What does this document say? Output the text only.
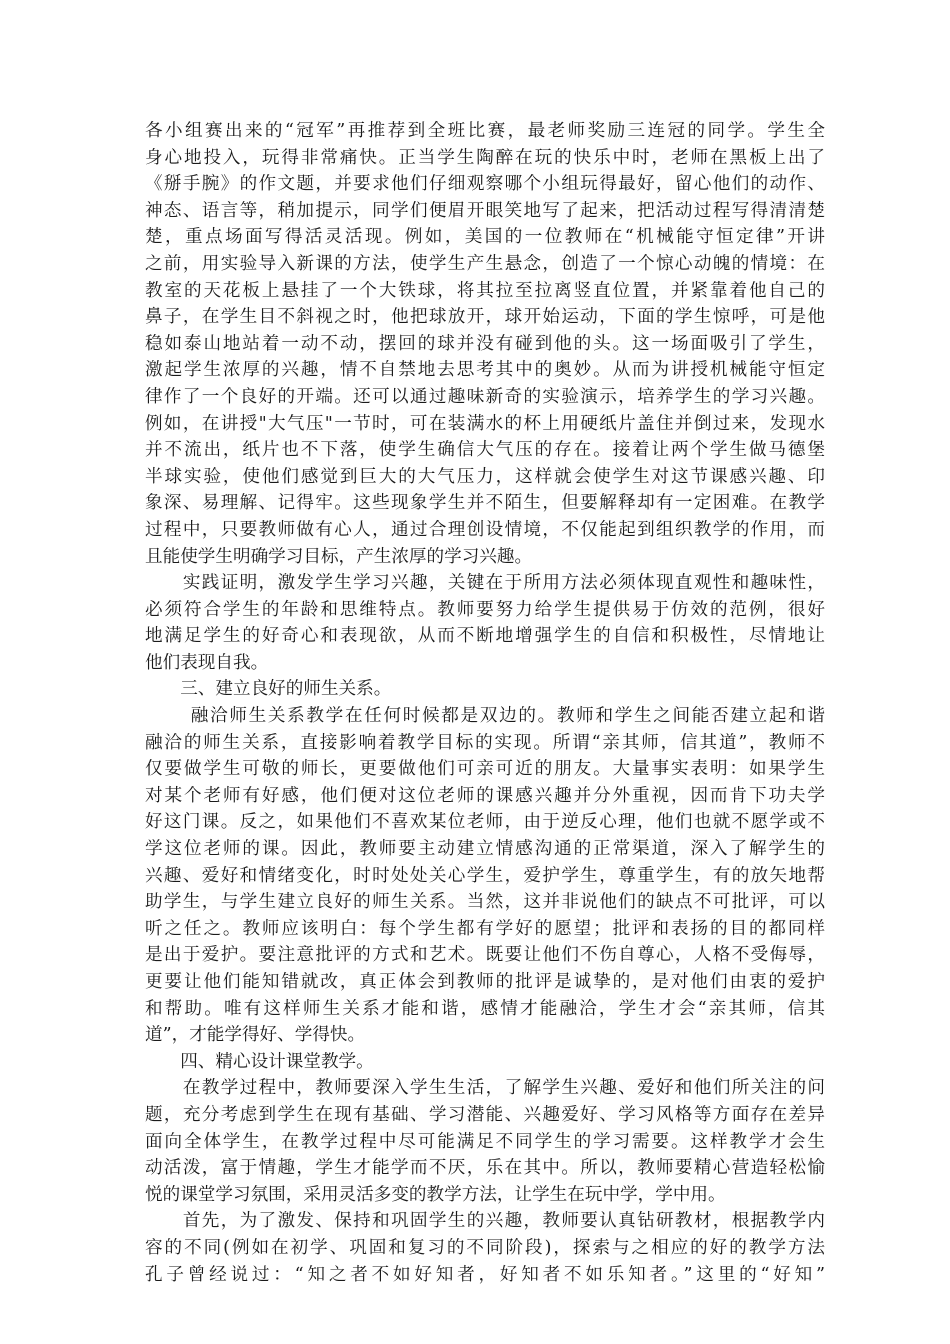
各小组赛出来的“冠军”再推荐到全班比赛，最老师奖励三连冠的同学。学生全
身心地投入，玩得非常痛快。正当学生陶醉在玩的快乐中时，老师在黑板上出了
《掰手腕》的作文题，并要求他们仔细观察哪个小组玩得最好，留心他们的动作、
神态、语言等，稍加提示，同学们便眉开眼笑地写了起来，把活动过程写得清清楚
楚，重点场面写得活灵活现。例如，美国的一位教师在“机械能守恒定律”开讲
之前，用实验导入新课的方法，使学生产生悬念，创造了一个惊心动魄的情境：在
教室的天花板上悬挂了一个大铁球，将其拉至拉离竖直位置，并紧靠着他自己的
鼻子，在学生目不斜视之时，他把球放开，球开始运动，下面的学生惊呼，可是他
稳如泰山地站着一动不动，摆回的球并没有碰到他的头。这一场面吸引了学生，
激起学生浓厚的兴趣，情不自禁地去思考其中的奥妙。从而为讲授机械能守恒定
律作了一个良好的开端。还可以通过趣味新奇的实验演示，培养学生的学习兴趣。
例如，在讲授"大气压"一节时，可在装满水的杯上用硬纸片盖住并倒过来，发现水
并不流出，纸片也不下落，使学生确信大气压的存在。接着让两个学生做马德堡
半球实验，使他们感觉到巨大的大气压力，这样就会使学生对这节课感兴趣、印
象深、易理解、记得牢。这些现象学生并不陌生，但要解释却有一定困难。在教学
过程中，只要教师做有心人，通过合理创设情境，不仅能起到组织教学的作用，而
且能使学生明确学习目标，产生浓厚的学习兴趣。
　　实践证明，激发学生学习兴趣，关键在于所用方法必须体现直观性和趣味性，
必须符合学生的年龄和思维特点。教师要努力给学生提供易于仿效的范例，很好
地满足学生的好奇心和表现欲，从而不断地增强学生的自信和积极性，尽情地让
他们表现自我。
　　三、建立良好的师生关系。
　　 融洽师生关系教学在任何时候都是双边的。教师和学生之间能否建立起和谐
融洽的师生关系，直接影响着教学目标的实现。所谓“亲其师，信其道”，教师不
仅要做学生可敬的师长，更要做他们可亲可近的朋友。大量事实表明：如果学生
对某个老师有好感，他们便对这位老师的课感兴趣并分外重视，因而肯下功夫学
好这门课。反之，如果他们不喜欢某位老师，由于逆反心理，他们也就不愿学或不
学这位老师的课。因此，教师要主动建立情感沟通的正常渠道，深入了解学生的
兴趣、爱好和情绪变化，时时处处关心学生，爱护学生，尊重学生，有的放矢地帮
助学生，与学生建立良好的师生关系。当然，这并非说他们的缺点不可批评，可以
听之任之。教师应该明白：每个学生都有学好的愿望；批评和表扬的目的都同样
是出于爱护。要注意批评的方式和艺术。既要让他们不伤自尊心，人格不受侮辱，
更要让他们能知错就改，真正体会到教师的批评是诚挚的，是对他们由衷的爱护
和帮助。唯有这样师生关系才能和谐，感情才能融洽，学生才会“亲其师，信其
道”，才能学得好、学得快。
　　四、精心设计课堂教学。
　　在教学过程中，教师要深入学生生活，了解学生兴趣、爱好和他们所关注的问
题，充分考虑到学生在现有基础、学习潜能、兴趣爱好、学习风格等方面存在差异
面向全体学生，在教学过程中尽可能满足不同学生的学习需要。这样教学才会生
动活泼，富于情趣，学生才能学而不厌，乐在其中。所以，教师要精心营造轻松愉
悦的课堂学习氛围，采用灵活多变的教学方法，让学生在玩中学，学中用。
　　首先，为了激发、保持和巩固学生的兴趣，教师要认真钻研教材，根据教学内
容的不同(例如在初学、巩固和复习的不同阶段)，探索与之相应的好的教学方法
孔子曾经说过：“知之者不如好知者，好知者不如乐知者。”这里的“好知”
